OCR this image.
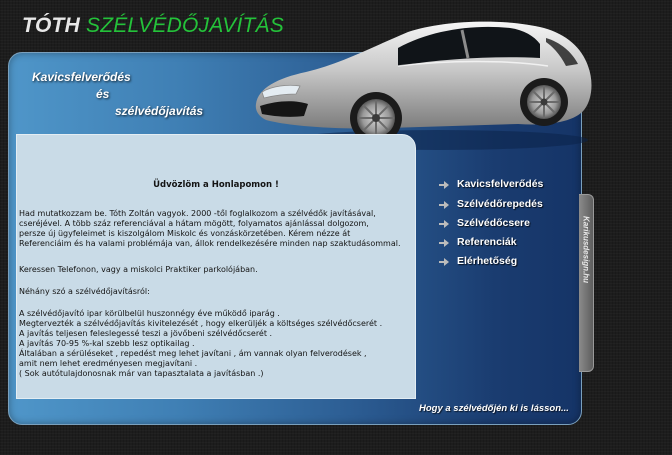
TÓTH SZÉLVÉDŐJAVÍTÁS
Kavicsfelverődés
és
szélvédőjavítás
Üdvözlöm a Honlapomon !
Had mutatkozzam be. Tóth Zoltán vagyok. 2000 -től foglalkozom a szélvédők javításával,
cseréjével. A több száz referenciával a hátam mögött, folyamatos ajánlással dolgozom,
persze új ügyfeleimet is kiszolgálom Miskolc és vonzáskörzetében. Kérem nézze át
Referenciáim és ha valami problémája van, állok rendelkezésére minden nap szaktudásommal.
Keressen Telefonon, vagy a miskolci Praktiker parkolójában.
Néhány szó a szélvédőjavításról:
A szélvédőjavító ipar körülbelül huszonnégy éve működő iparág .
Megtervezték a szélvédőjavítás kivitelezését , hogy elkerüljék a költséges szélvédőcserét .
A javítás teljesen feleslegessé teszi a jövőbeni szélvédőcserét .
A javítás 70-95 %-kal szebb lesz optikailag .
Általában a sérüléseket , repedést meg lehet javítani , ám vannak olyan felverodések ,
amit nem lehet eredményesen megjavítani .
( Sok autótulajdonosnak már van tapasztalata a javításban .)
Kavicsfelverődés
Szélvédőrepedés
Szélvédőcsere
Referenciák
Elérhetőség	Karikusdesign.hu
Hogy a szélvédőjén ki is lásson...
